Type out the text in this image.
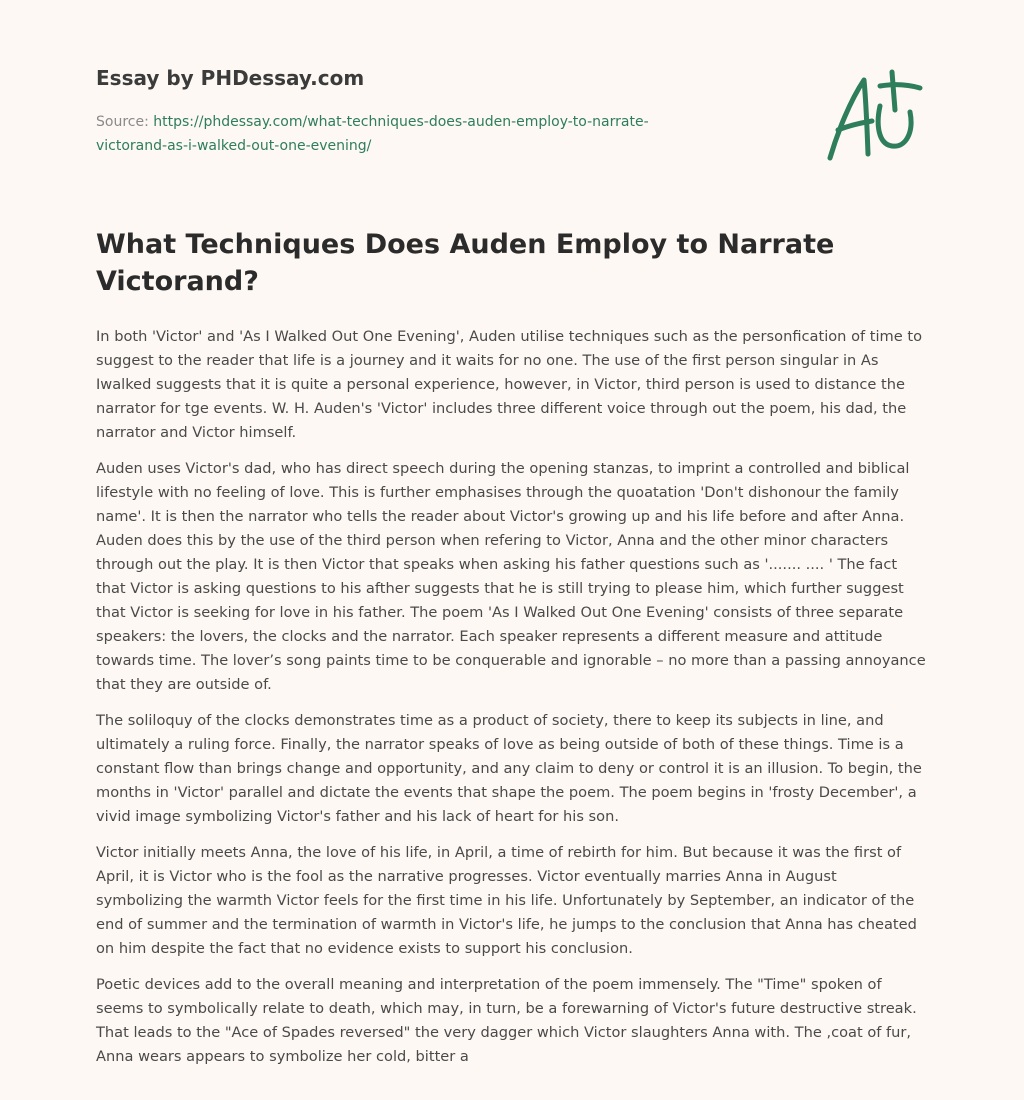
Essay by PHDessay.com
Source: https://phdessay.com/what-techniques-does-auden-employ-to-narrate-
victorand-as-i-walked-out-one-evening/
What Techniques Does Auden Employ to Narrate Victorand?

In both 'Victor' and 'As I Walked Out One Evening', Auden utilise techniques such as the personfication of time to suggest to the reader that life is a journey and it waits for no one. The use of the first person singular in As Iwalked suggests that it is quite a personal experience, however, in Victor, third person is used to distance the narrator for tge events. W. H. Auden's 'Victor' includes three different voice through out the poem, his dad, the narrator and Victor himself.

Auden uses Victor's dad, who has direct speech during the opening stanzas, to imprint a controlled and biblical lifestyle with no feeling of love. This is further emphasises through the quoatation 'Don't dishonour the family name'. It is then the narrator who tells the reader about Victor's growing up and his life before and after Anna. Auden does this by the use of the third person when refering to Victor, Anna and the other minor characters through out the play. It is then Victor that speaks when asking his father questions such as '....... .... ' The fact that Victor is asking questions to his afther suggests that he is still trying to please him, which further suggest that Victor is seeking for love in his father. The poem 'As I Walked Out One Evening' consists of three separate speakers: the lovers, the clocks and the narrator. Each speaker represents a different measure and attitude towards time. The lover’s song paints time to be conquerable and ignorable – no more than a passing annoyance that they are outside of.

The soliloquy of the clocks demonstrates time as a product of society, there to keep its subjects in line, and ultimately a ruling force. Finally, the narrator speaks of love as being outside of both of these things. Time is a constant flow than brings change and opportunity, and any claim to deny or control it is an illusion. To begin, the months in 'Victor' parallel and dictate the events that shape the poem. The poem begins in 'frosty December', a vivid image symbolizing Victor's father and his lack of heart for his son.

Victor initially meets Anna, the love of his life, in April, a time of rebirth for him. But because it was the first of April, it is Victor who is the fool as the narrative progresses. Victor eventually marries Anna in August symbolizing the warmth Victor feels for the first time in his life. Unfortunately by September, an indicator of the end of summer and the termination of warmth in Victor's life, he jumps to the conclusion that Anna has cheated on him despite the fact that no evidence exists to support his conclusion.

Poetic devices add to the overall meaning and interpretation of the poem immensely. The "Time" spoken of seems to symbolically relate to death, which may, in turn, be a forewarning of Victor's future destructive streak. That leads to the "Ace of Spades reversed" the very dagger which Victor slaughters Anna with. The ,coat of fur, Anna wears appears to symbolize her cold, bitter a
